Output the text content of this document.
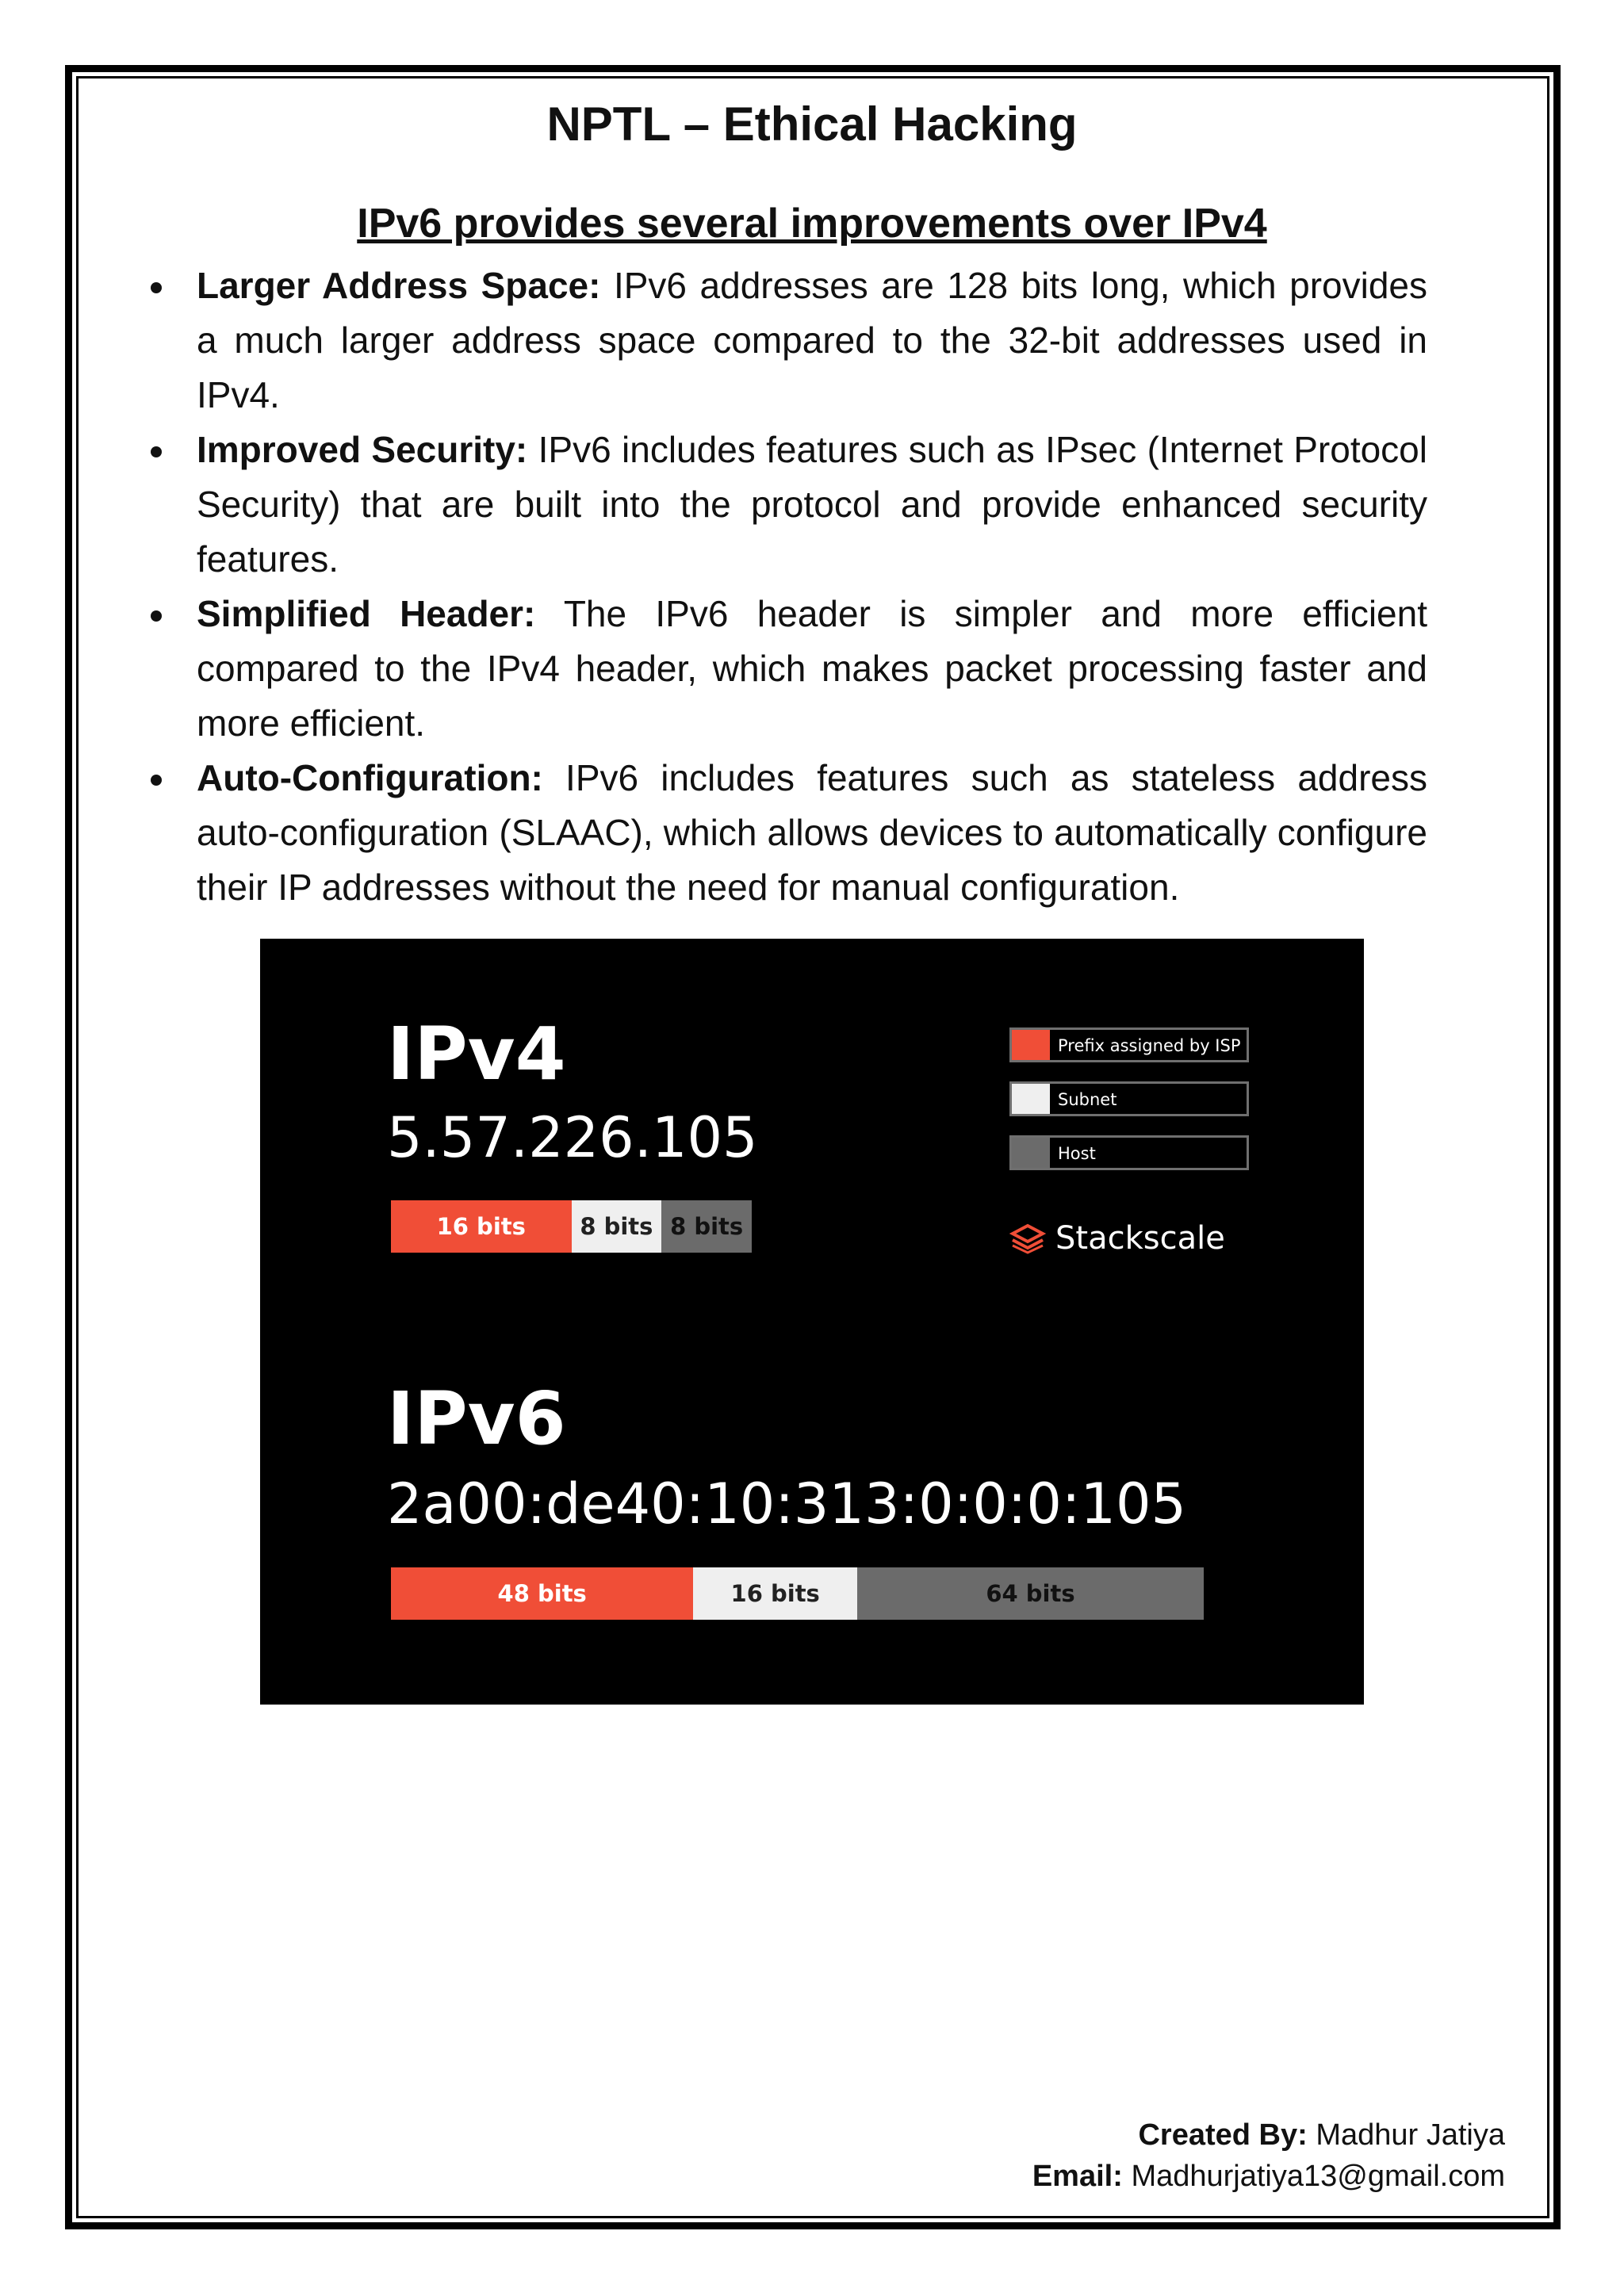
NPTL – Ethical Hacking
IPv6 provides several improvements over IPv4
Larger Address Space: IPv6 addresses are 128 bits long, which provides a much larger address space compared to the 32-bit addresses used in IPv4.
Improved Security: IPv6 includes features such as IPsec (Internet Protocol Security) that are built into the protocol and provide enhanced security features.
Simplified Header: The IPv6 header is simpler and more efficient compared to the IPv4 header, which makes packet processing faster and more efficient.
Auto-Configuration: IPv6 includes features such as stateless address auto-configuration (SLAAC), which allows devices to automatically configure their IP addresses without the need for manual configuration.
IPv4
5.57.226.105
16 bits	8 bits 8 bits
Prefix assigned by ISP
Subnet
Host
Stackscale
IPv6
2a00:de40:10:313:0:0:0:105
48 bits	16 bits	64 bits

Created By: Madhur Jatiya

Email: Madhurjatiya13@gmail.com
